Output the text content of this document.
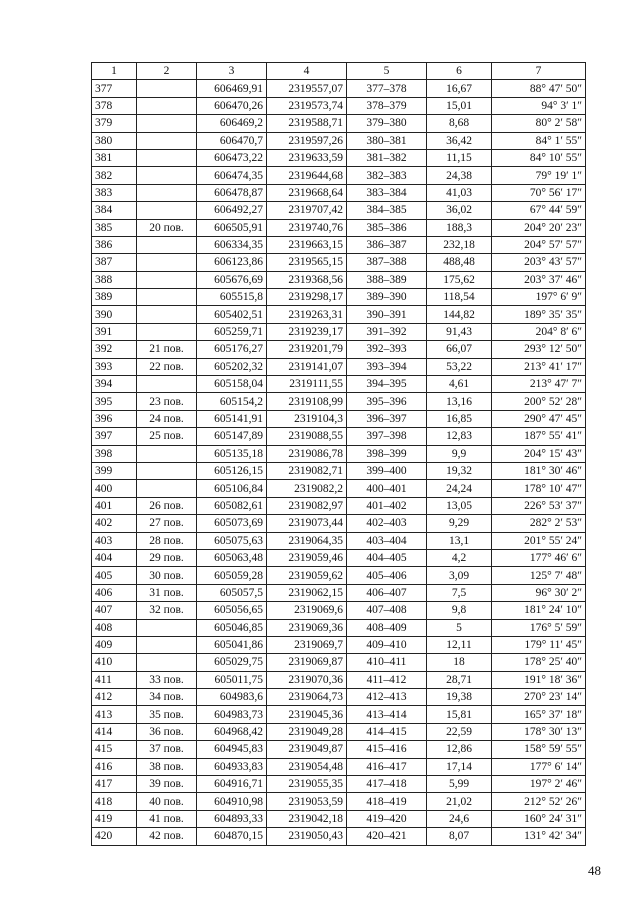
1	2	3	4	5	6	7
377		606469,91	2319557,07	377–378	16,67	88° 47′ 50″
378		606470,26	2319573,74	378–379	15,01	94° 3′ 1″
379		606469,2	2319588,71	379–380	8,68	80° 2′ 58″
380		606470,7	2319597,26	380–381	36,42	84° 1′ 55″
381		606473,22	2319633,59	381–382	11,15	84° 10′ 55″
382		606474,35	2319644,68	382–383	24,38	79° 19′ 1″
383		606478,87	2319668,64	383–384	41,03	70° 56′ 17″
384		606492,27	2319707,42	384–385	36,02	67° 44′ 59″
385	20 пов.	606505,91	2319740,76	385–386	188,3	204° 20′ 23″
386		606334,35	2319663,15	386–387	232,18	204° 57′ 57″
387		606123,86	2319565,15	387–388	488,48	203° 43′ 57″
388		605676,69	2319368,56	388–389	175,62	203° 37′ 46″
389		605515,8	2319298,17	389–390	118,54	197° 6′ 9″
390		605402,51	2319263,31	390–391	144,82	189° 35′ 35″
391		605259,71	2319239,17	391–392	91,43	204° 8′ 6″
392	21 пов.	605176,27	2319201,79	392–393	66,07	293° 12′ 50″
393	22 пов.	605202,32	2319141,07	393–394	53,22	213° 41′ 17″
394		605158,04	2319111,55	394–395	4,61	213° 47′ 7″
395	23 пов.	605154,2	2319108,99	395–396	13,16	200° 52′ 28″
396	24 пов.	605141,91	2319104,3	396–397	16,85	290° 47′ 45″
397	25 пов.	605147,89	2319088,55	397–398	12,83	187° 55′ 41″
398		605135,18	2319086,78	398–399	9,9	204° 15′ 43″
399		605126,15	2319082,71	399–400	19,32	181° 30′ 46″
400		605106,84	2319082,2	400–401	24,24	178° 10′ 47″
401	26 пов.	605082,61	2319082,97	401–402	13,05	226° 53′ 37″
402	27 пов.	605073,69	2319073,44	402–403	9,29	282° 2′ 53″
403	28 пов.	605075,63	2319064,35	403–404	13,1	201° 55′ 24″
404	29 пов.	605063,48	2319059,46	404–405	4,2	177° 46′ 6″
405	30 пов.	605059,28	2319059,62	405–406	3,09	125° 7′ 48″
406	31 пов.	605057,5	2319062,15	406–407	7,5	96° 30′ 2″
407	32 пов.	605056,65	2319069,6	407–408	9,8	181° 24′ 10″
408		605046,85	2319069,36	408–409	5	176° 5′ 59″
409		605041,86	2319069,7	409–410	12,11	179° 11′ 45″
410		605029,75	2319069,87	410–411	18	178° 25′ 40″
411	33 пов.	605011,75	2319070,36	411–412	28,71	191° 18′ 36″
412	34 пов.	604983,6	2319064,73	412–413	19,38	270° 23′ 14″
413	35 пов.	604983,73	2319045,36	413–414	15,81	165° 37′ 18″
414	36 пов.	604968,42	2319049,28	414–415	22,59	178° 30′ 13″
415	37 пов.	604945,83	2319049,87	415–416	12,86	158° 59′ 55″
416	38 пов.	604933,83	2319054,48	416–417	17,14	177° 6′ 14″
417	39 пов.	604916,71	2319055,35	417–418	5,99	197° 2′ 46″
418	40 пов.	604910,98	2319053,59	418–419	21,02	212° 52′ 26″
419	41 пов.	604893,33	2319042,18	419–420	24,6	160° 24′ 31″
420	42 пов.	604870,15	2319050,43	420–421	8,07	131° 42′ 34″
48
